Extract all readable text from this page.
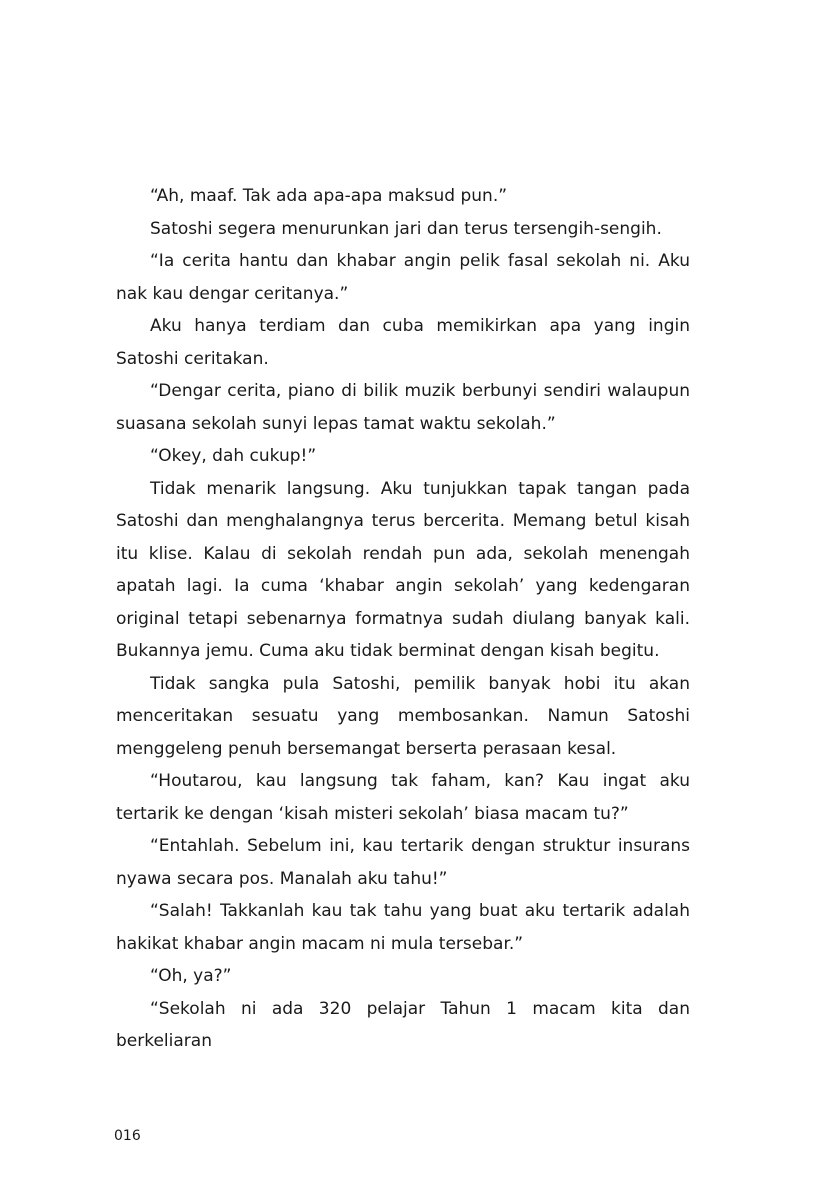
“Ah, maaf. Tak ada apa-apa maksud pun.”

Satoshi segera menurunkan jari dan terus tersengih-sengih.

“Ia cerita hantu dan khabar angin pelik fasal sekolah ni. Aku nak kau dengar ceritanya.”

Aku hanya terdiam dan cuba memikirkan apa yang ingin Satoshi ceritakan.

“Dengar cerita, piano di bilik muzik berbunyi sendiri walaupun suasana sekolah sunyi lepas tamat waktu sekolah.”

“Okey, dah cukup!”

Tidak menarik langsung. Aku tunjukkan tapak tangan pada Satoshi dan menghalangnya terus bercerita. Memang betul kisah itu klise. Kalau di sekolah rendah pun ada, sekolah menengah apatah lagi. Ia cuma ‘khabar angin sekolah’ yang kedengaran original tetapi sebenarnya formatnya sudah diulang banyak kali. Bukannya jemu. Cuma aku tidak berminat dengan kisah begitu.

Tidak sangka pula Satoshi, pemilik banyak hobi itu akan menceritakan sesuatu yang membosankan. Namun Satoshi menggeleng penuh bersemangat berserta perasaan kesal.

“Houtarou, kau langsung tak faham, kan? Kau ingat aku tertarik ke dengan ‘kisah misteri sekolah’ biasa macam tu?”

“Entahlah. Sebelum ini, kau tertarik dengan struktur insurans nyawa secara pos. Manalah aku tahu!”

“Salah! Takkanlah kau tak tahu yang buat aku tertarik adalah hakikat khabar angin macam ni mula tersebar.”

“Oh, ya?”

“Sekolah ni ada 320 pelajar Tahun 1 macam kita dan berkeliaran

016
